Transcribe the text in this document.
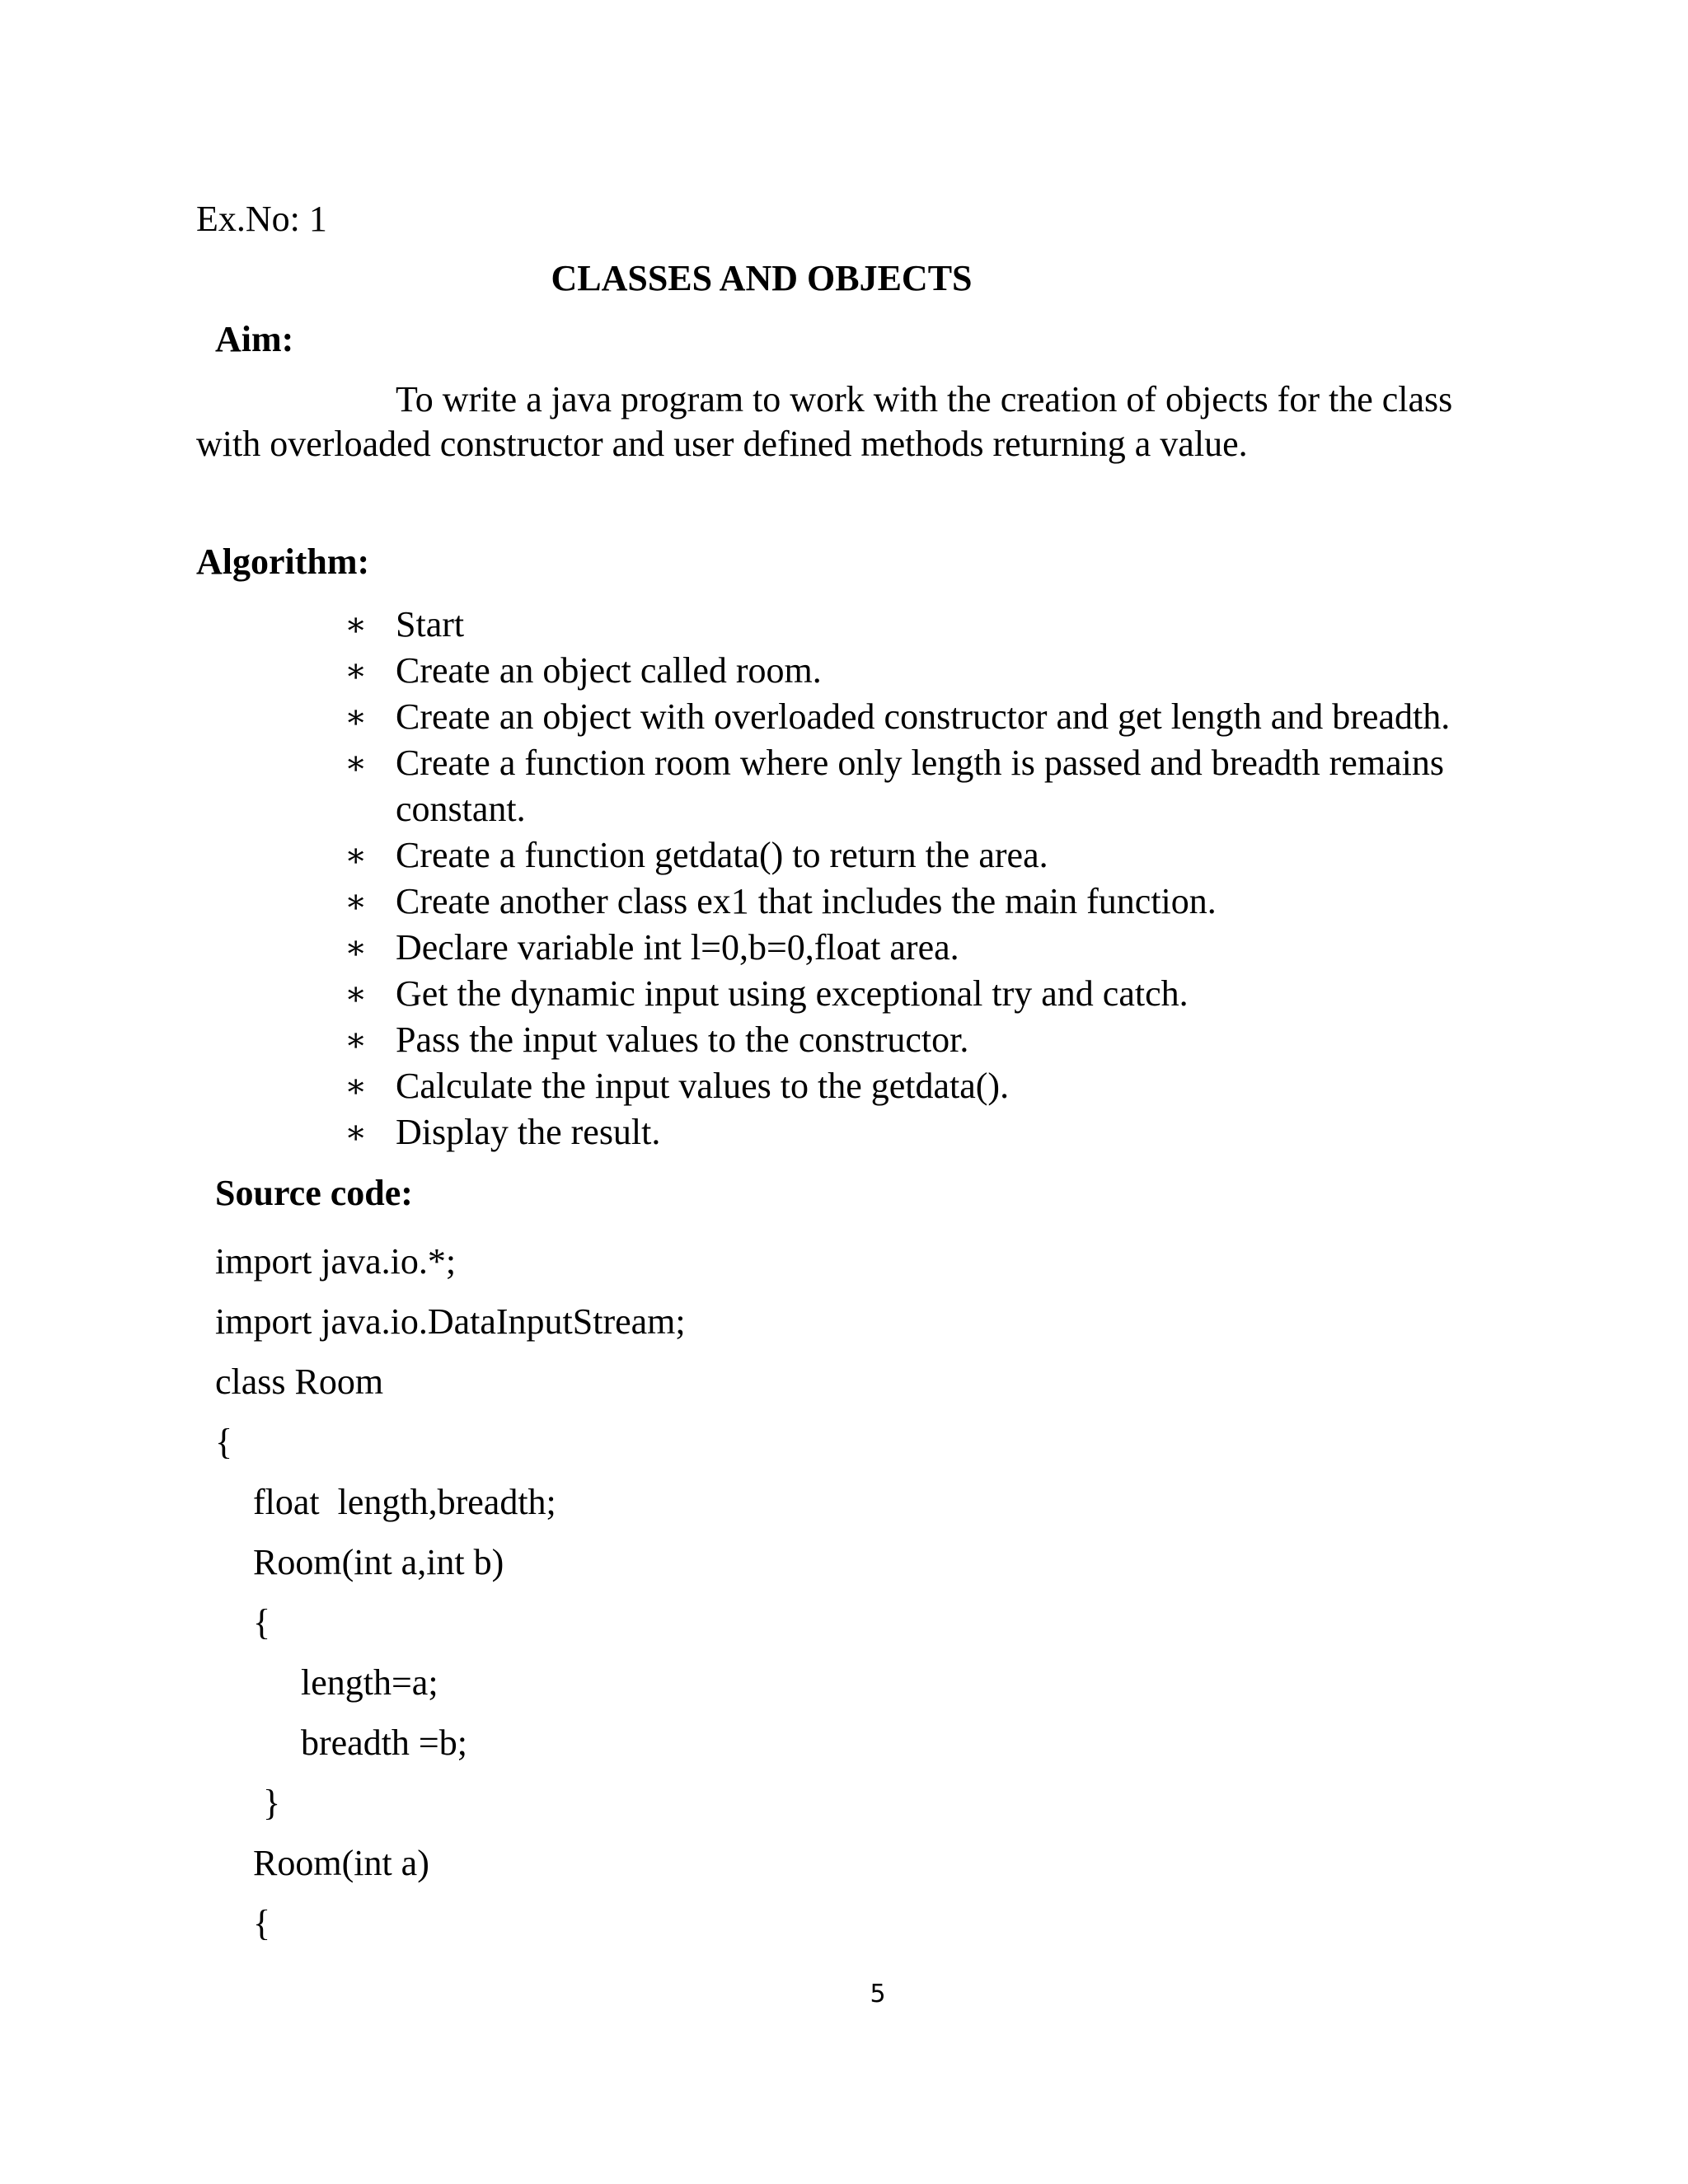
Ex.No: 1
CLASSES AND OBJECTS
Aim:
To write a java program to work with the creation of objects for the class
with overloaded constructor and user defined methods returning a value.
Algorithm:
∗ Start
∗ Create an object called room.
∗ Create an object with overloaded constructor and get length and breadth.
∗ Create a function room where only length is passed and breadth remains constant.
∗ Create a function getdata() to return the area.
∗ Create another class ex1 that includes the main function.
∗ Declare variable int l=0,b=0,float area.
∗ Get the dynamic input using exceptional try and catch.
∗ Pass the input values to the constructor.
∗ Calculate the input values to the getdata().
∗ Display the result.
Source code:
import java.io.*;
import java.io.DataInputStream;
class Room
{
float  length,breadth;
Room(int a,int b)
{
length=a;
breadth =b;
}
Room(int a)
{
5
